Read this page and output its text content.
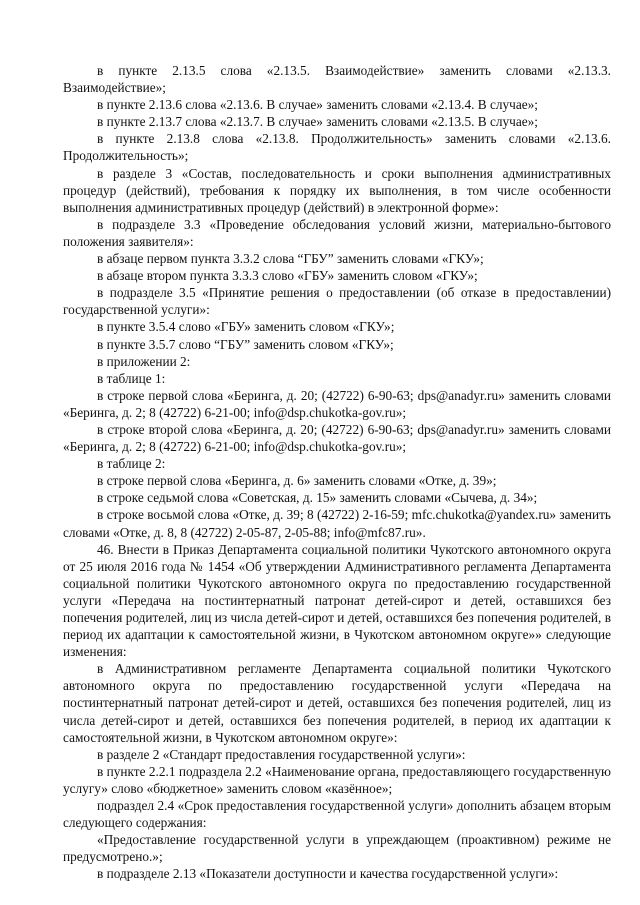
в пункте 2.13.5 слова «2.13.5. Взаимодействие» заменить словами «2.13.3. Взаимодействие»;

в пункте 2.13.6 слова «2.13.6. В случае» заменить словами «2.13.4. В случае»;

в пункте 2.13.7 слова «2.13.7. В случае» заменить словами «2.13.5. В случае»;

в пункте 2.13.8 слова «2.13.8. Продолжительность» заменить словами «2.13.6. Продолжительность»;

в разделе 3 «Состав, последовательность и сроки выполнения административных процедур (действий), требования к порядку их выполнения, в том числе особенности выполнения административных процедур (действий) в электронной форме»:

в подразделе 3.3 «Проведение обследования условий жизни, материально-бытового положения заявителя»:

в абзаце первом пункта 3.3.2 слова “ГБУ” заменить словами «ГКУ»;

в абзаце втором пункта 3.3.3 слово «ГБУ» заменить словом «ГКУ»;

в подразделе 3.5 «Принятие решения о предоставлении (об отказе в предоставлении) государственной услуги»:

в пункте 3.5.4 слово «ГБУ» заменить словом «ГКУ»;

в пункте 3.5.7 слово “ГБУ” заменить словом «ГКУ»;

в приложении 2:

в таблице 1:

в строке первой слова «Беринга, д. 20; (42722) 6-90-63; dps@anadyr.ru» заменить словами «Беринга, д. 2; 8 (42722) 6-21-00; info@dsp.chukotka-gov.ru»;

в строке второй слова «Беринга, д. 20; (42722) 6-90-63; dps@anadyr.ru» заменить словами «Беринга, д. 2; 8 (42722) 6-21-00; info@dsp.chukotka-gov.ru»;

в таблице 2:

в строке первой слова «Беринга, д. 6» заменить словами «Отке, д. 39»;

в строке седьмой слова «Советская, д. 15» заменить словами «Сычева, д. 34»;

в строке восьмой слова «Отке, д. 39; 8 (42722) 2-16-59; mfc.chukotka@yandex.ru» заменить словами «Отке, д. 8, 8 (42722) 2-05-87, 2-05-88; info@mfc87.ru».

46. Внести в Приказ Департамента социальной политики Чукотского автономного округа от 25 июля 2016 года № 1454 «Об утверждении Административного регламента Департамента социальной политики Чукотского автономного округа по предоставлению государственной услуги «Передача на постинтернатный патронат детей-сирот и детей, оставшихся без попечения родителей, лиц из числа детей-сирот и детей, оставшихся без попечения родителей, в период их адаптации к самостоятельной жизни, в Чукотском автономном округе»» следующие изменения:

в Административном регламенте Департамента социальной политики Чукотского автономного округа по предоставлению государственной услуги «Передача на постинтернатный патронат детей-сирот и детей, оставшихся без попечения родителей, лиц из числа детей-сирот и детей, оставшихся без попечения родителей, в период их адаптации к самостоятельной жизни, в Чукотском автономном округе»:

в разделе 2 «Стандарт предоставления государственной услуги»:

в пункте 2.2.1 подраздела 2.2 «Наименование органа, предоставляющего государственную услугу» слово «бюджетное» заменить словом «казённое»;

подраздел 2.4 «Срок предоставления государственной услуги» дополнить абзацем вторым следующего содержания:

«Предоставление государственной услуги в упреждающем (проактивном) режиме не предусмотрено.»;

в подразделе 2.13 «Показатели доступности и качества государственной услуги»:
